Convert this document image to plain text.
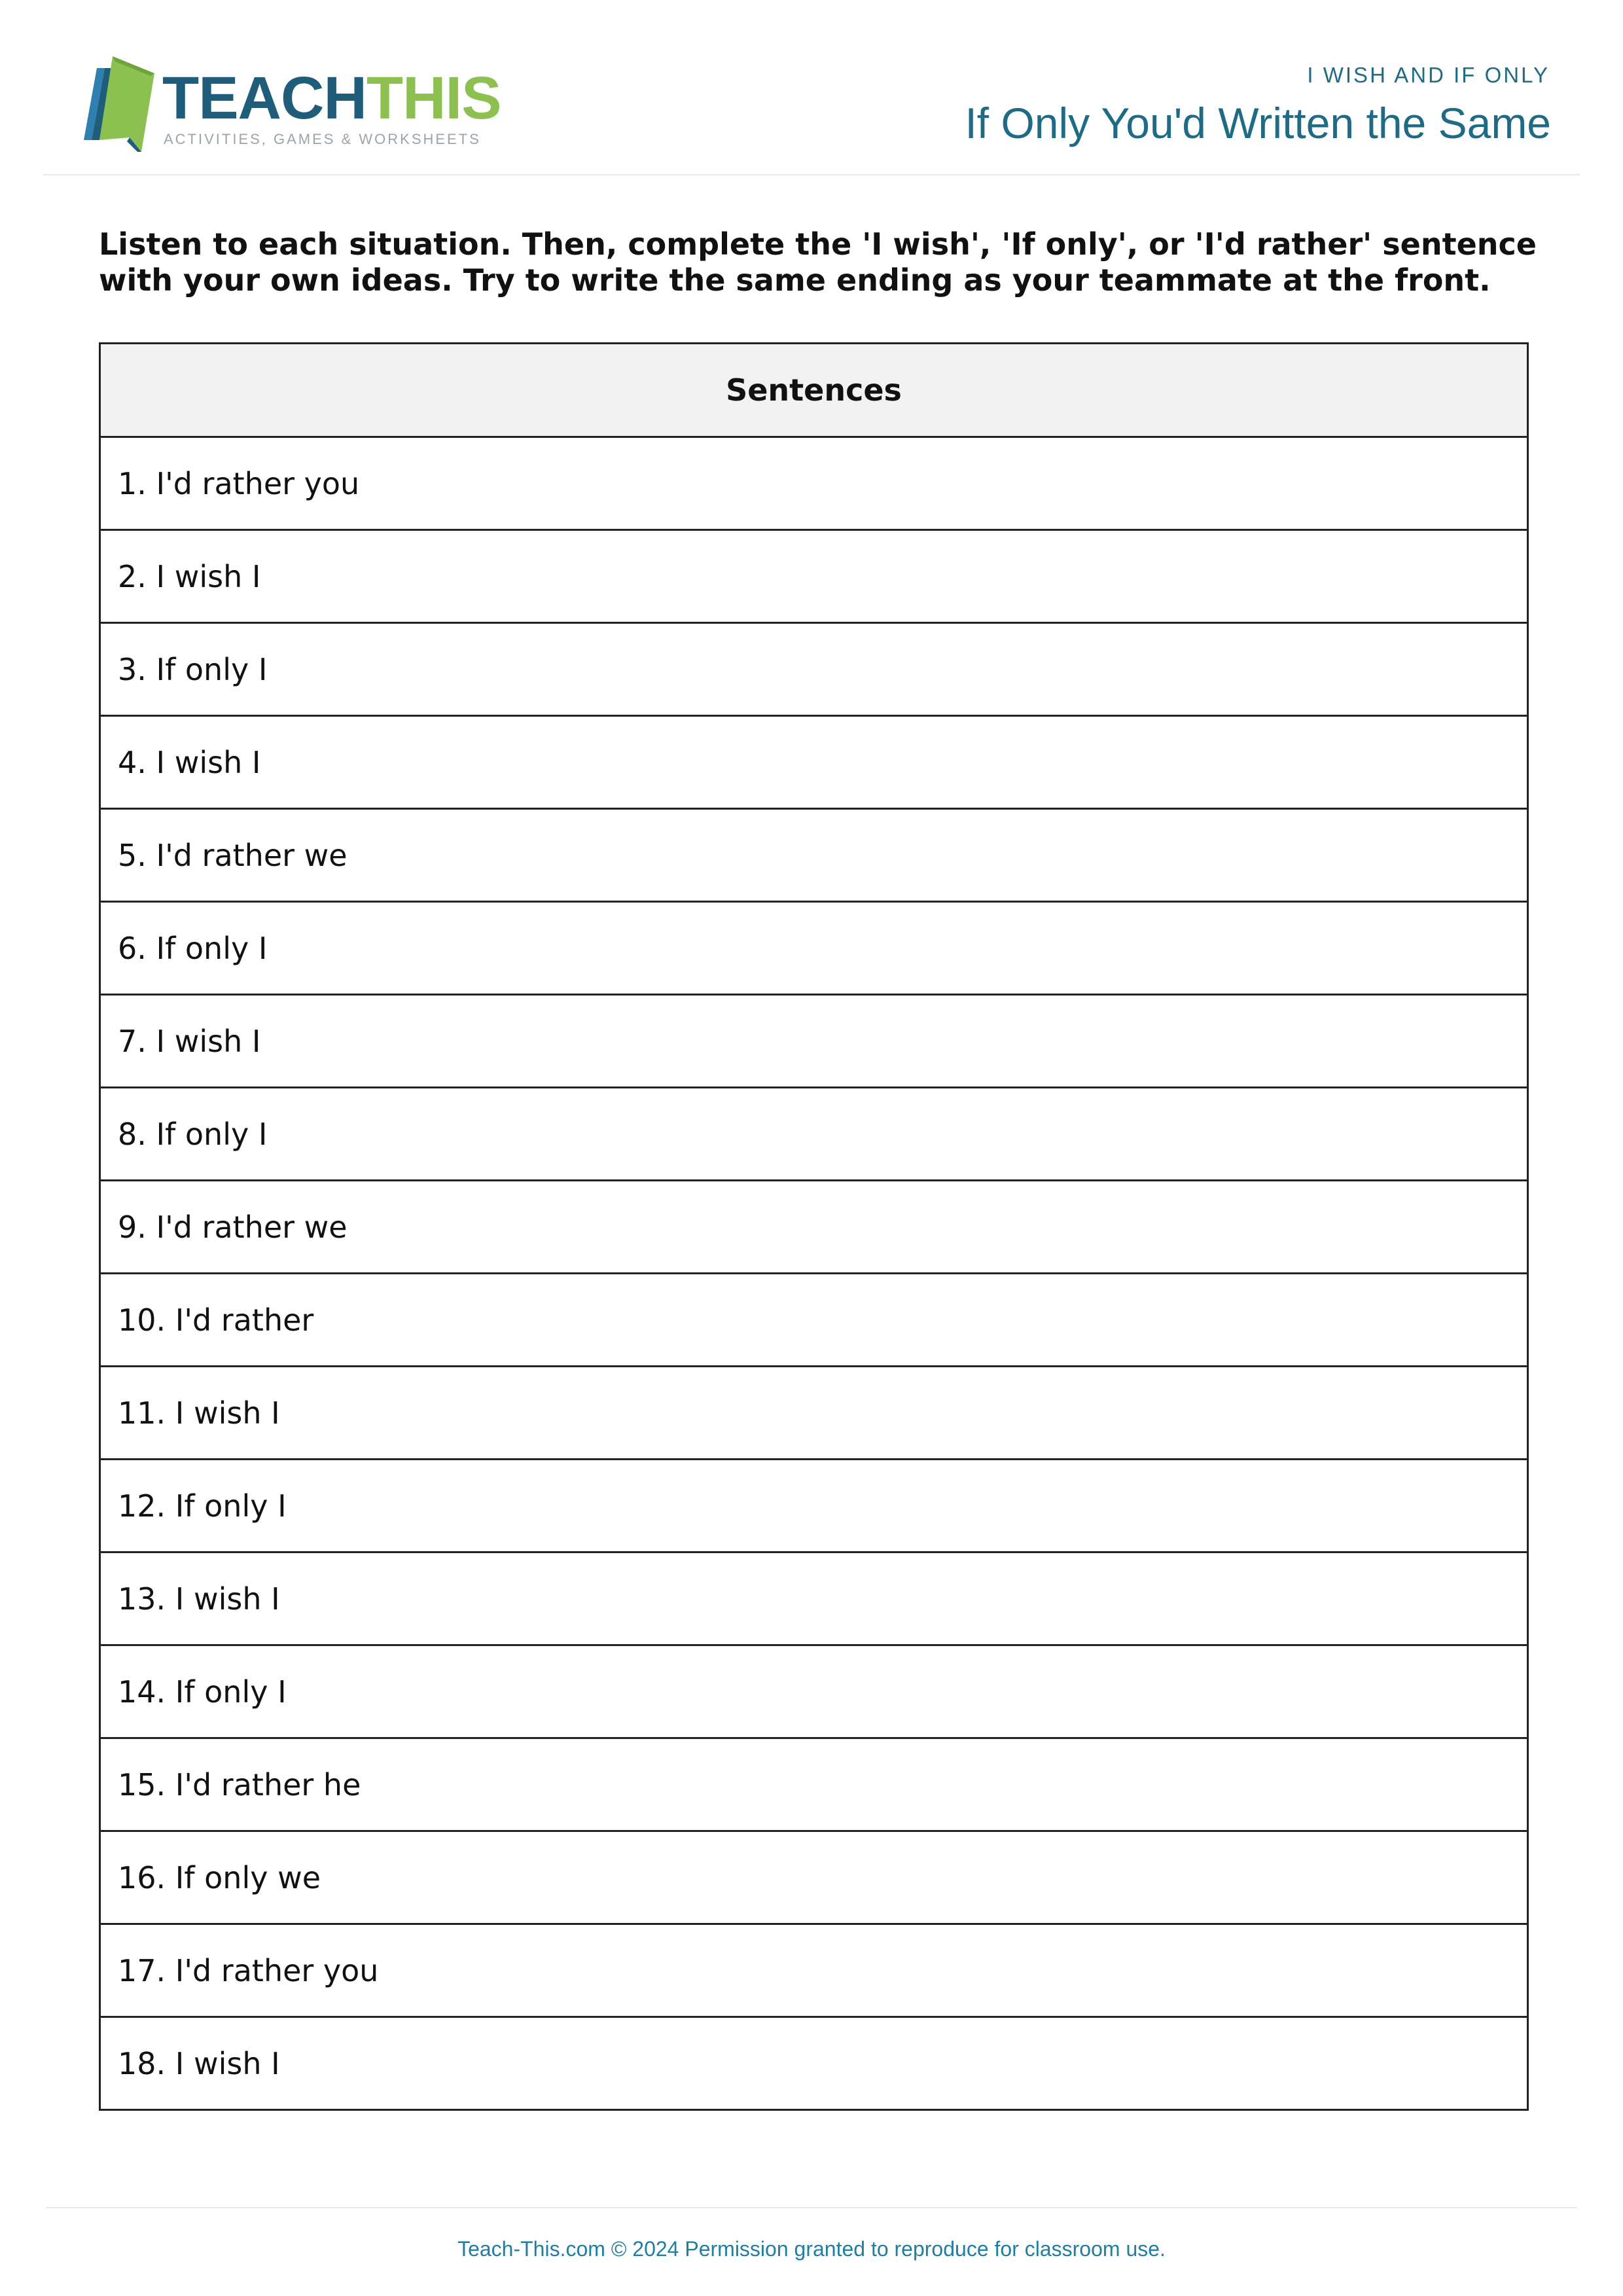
TEACHTHIS
ACTIVITIES, GAMES & WORKSHEETS
I WISH AND IF ONLY
If Only You'd Written the Same
Listen to each situation. Then, complete the 'I wish', 'If only', or 'I'd rather' sentence with your own ideas. Try to write the same ending as your teammate at the front.
Sentences
1. I'd rather you
2. I wish I
3. If only I
4. I wish I
5. I'd rather we
6. If only I
7. I wish I
8. If only I
9. I'd rather we
10. I'd rather
11. I wish I
12. If only I
13. I wish I
14. If only I
15. I'd rather he
16. If only we
17. I'd rather you
18. I wish I
Teach-This.com © 2024 Permission granted to reproduce for classroom use.
